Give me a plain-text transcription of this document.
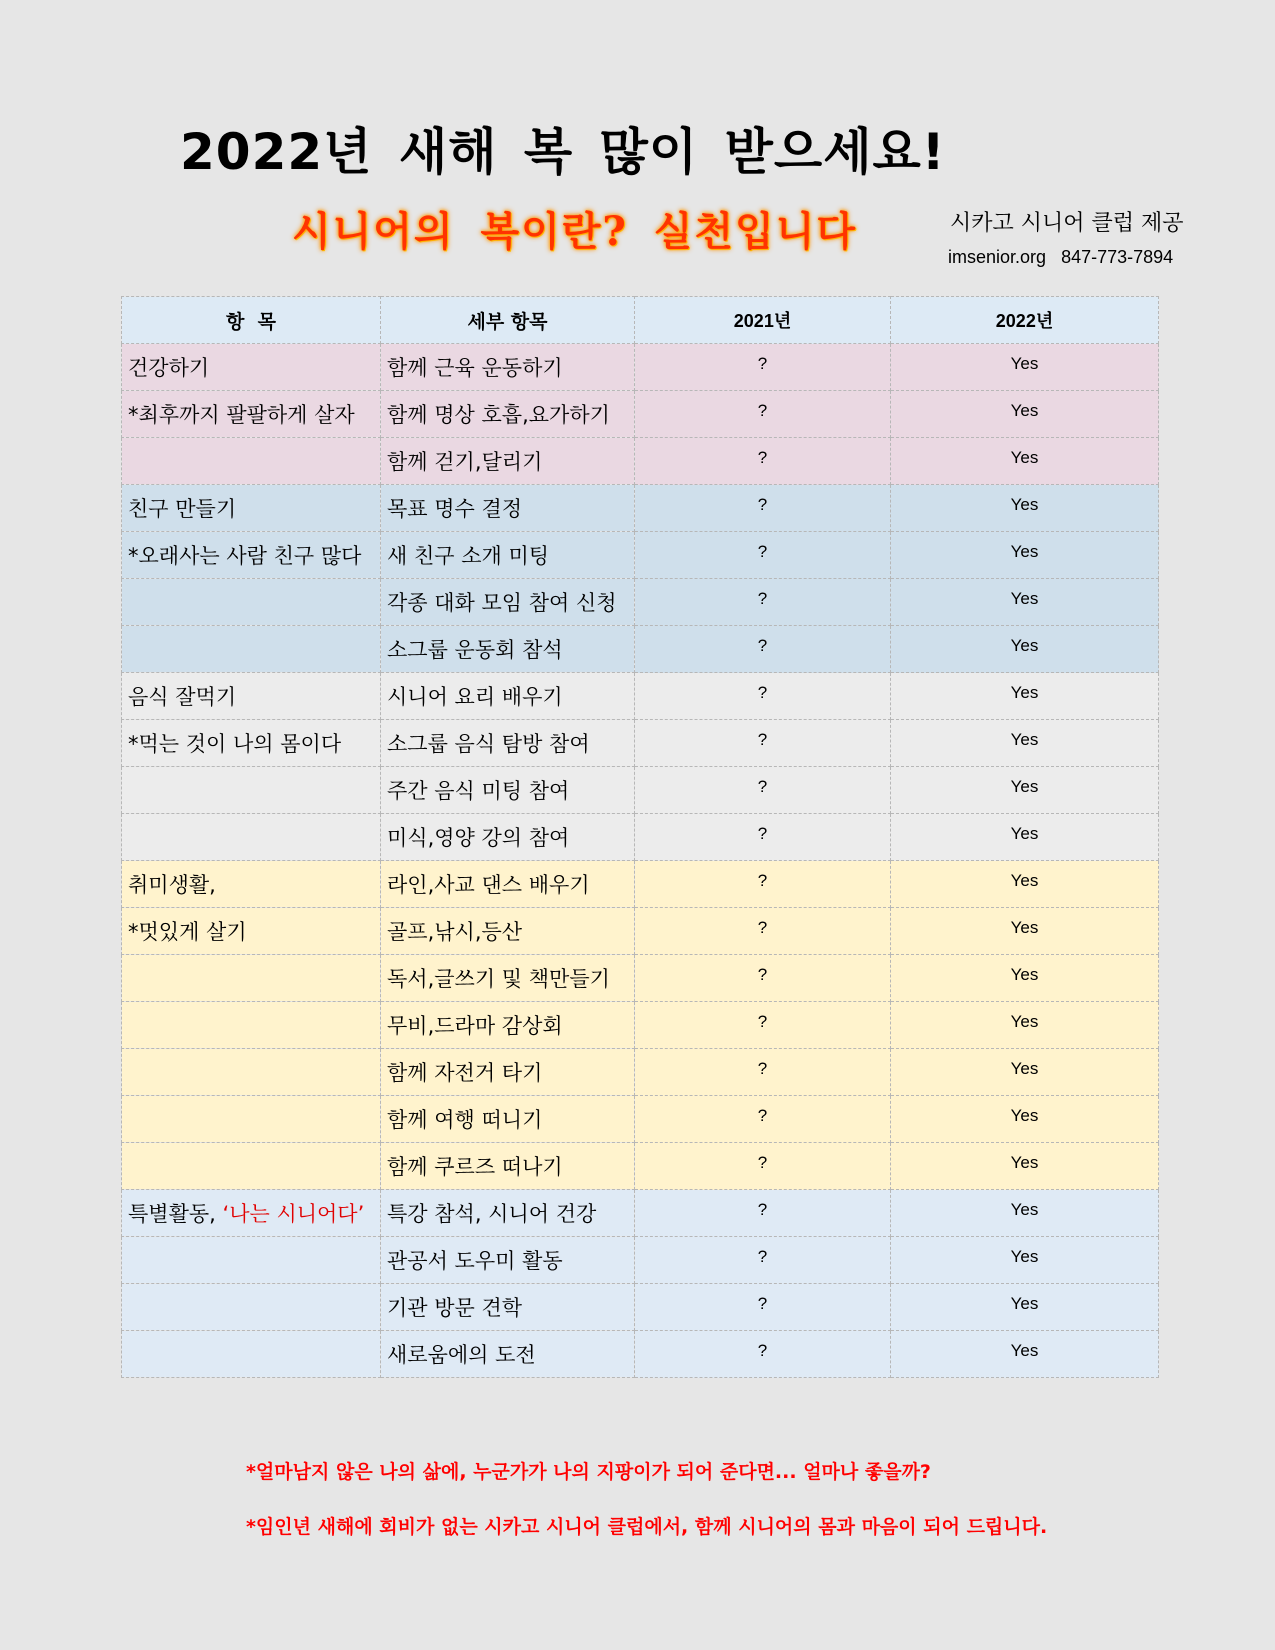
2022년 새해 복 많이 받으세요!
시니어의 복이란? 실천입니다	시카고 시니어 클럽 제공
imsenior.org 847-773-7894
항  목	세부 항목	2021년	2022년
건강하기	함께 근육 운동하기	?	Yes
*최후까지 팔팔하게 살자	함께 명상 호흡,요가하기	?	Yes
	함께 걷기,달리기	?	Yes
친구 만들기	목표 명수 결정	?	Yes
*오래사는 사람 친구 많다	새 친구 소개 미팅	?	Yes
	각종 대화 모임 참여 신청	?	Yes
	소그룹 운동회 참석	?	Yes
음식 잘먹기	시니어 요리 배우기	?	Yes
*먹는 것이 나의 몸이다	소그룹 음식 탐방 참여	?	Yes
	주간 음식 미팅 참여	?	Yes
	미식,영양 강의 참여	?	Yes
취미생활,	라인,사교 댄스 배우기	?	Yes
*멋있게 살기	골프,낚시,등산	?	Yes
	독서,글쓰기 및 책만들기	?	Yes
	무비,드라마 감상회	?	Yes
	함께 자전거 타기	?	Yes
	함께 여행 떠니기	?	Yes
	함께 쿠르즈 떠나기	?	Yes
특별활동, ‘나는 시니어다’	특강 참석, 시니어 건강	?	Yes
	관공서 도우미 활동	?	Yes
	기관 방문 견학	?	Yes
	새로움에의 도전	?	Yes
*얼마남지 않은 나의 삶에, 누군가가 나의 지팡이가 되어 준다면... 얼마나 좋을까?
*임인년 새해에 회비가 없는 시카고 시니어 클럽에서, 함께 시니어의 몸과 마음이 되어 드립니다.
